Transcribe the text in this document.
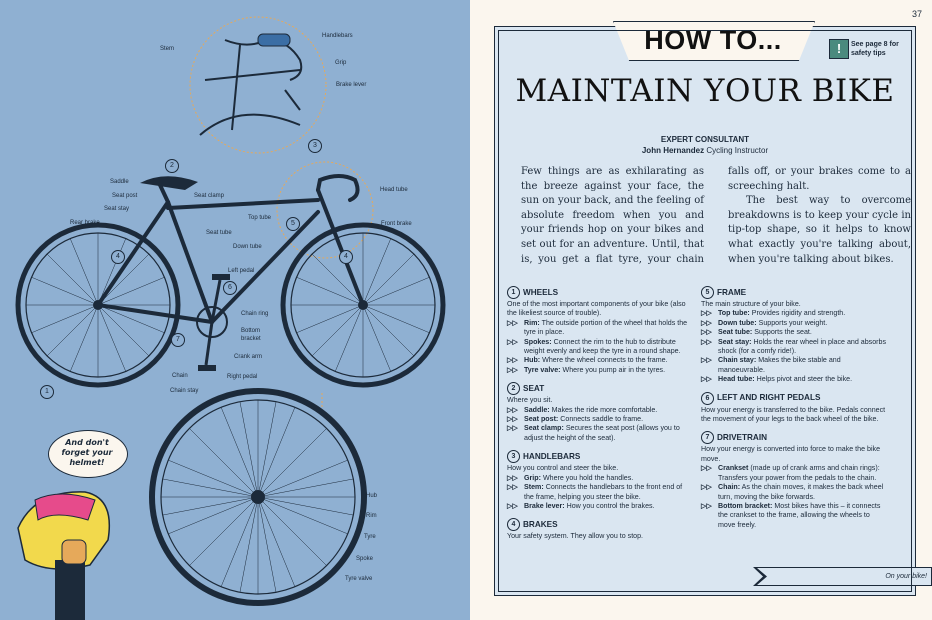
And don't forget your helmet!
Stem
Handlebars
Grip
Brake lever
Saddle
Seat clamp
Seat post
Seat stay
Rear brake
Seat tube
Top tube
Down tube
Head tube
Front brake
Left pedal
Chain ring
Bottom bracket
Crank arm
Chain	Right pedal
Chain stay
Hub
Rim
Tyre
Spoke
Tyre valve
1
2
3
4	4
5
6
7
37
HOW TO...	!	See page 8 for safety tips
MAINTAIN YOUR BIKE
EXPERT CONSULTANT
John Hernandez Cycling Instructor

Few things are as exhilarating as the breeze against your face, the sun on your back, and the feeling of absolute freedom when you and your friends hop on your bikes and set out for an adventure. Until, that is, you get a flat tyre, your chain falls off, or your brakes come to a screeching halt.

The best way to overcome breakdowns is to keep your cycle in tip-top shape, so it helps to know what exactly you're talking about, when you're talking about bikes.

1 WHEELS

One of the most important components of your bike (also the likeliest source of trouble).

▷▷ Rim: The outside portion of the wheel that holds the tyre in place.
▷▷ Spokes: Connect the rim to the hub to distribute weight evenly and keep the tyre in a round shape.
▷▷ Hub: Where the wheel connects to the frame.
▷▷ Tyre valve: Where you pump air in the tyres.
2 SEAT

Where you sit.

▷▷ Saddle: Makes the ride more comfortable.
▷▷ Seat post: Connects saddle to frame.
▷▷ Seat clamp: Secures the seat post (allows you to adjust the height of the seat).
3 HANDLEBARS

How you control and steer the bike.

▷▷ Grip: Where you hold the handles.
▷▷ Stem: Connects the handlebars to the front end of the frame, helping you steer the bike.
▷▷ Brake lever: How you control the brakes.
4 BRAKES

Your safety system. They allow you to stop.

5 FRAME

The main structure of your bike.

▷▷ Top tube: Provides rigidity and strength.
▷▷ Down tube: Supports your weight.
▷▷ Seat tube: Supports the seat.
▷▷ Seat stay: Holds the rear wheel in place and absorbs shock (for a comfy ride!).
▷▷ Chain stay: Makes the bike stable and manoeuvrable.
▷▷ Head tube: Helps pivot and steer the bike.
6 LEFT AND RIGHT PEDALS

How your energy is transferred to the bike. Pedals connect the movement of your legs to the back wheel of the bike.

7 DRIVETRAIN

How your energy is converted into force to make the bike move.

▷▷ Crankset (made up of crank arms and chain rings): Transfers your power from the pedals to the chain.
▷▷ Chain: As the chain moves, it makes the back wheel turn, moving the bike forwards.
▷▷ Bottom bracket: Most bikes have this – it connects the crankset to the frame, allowing the wheels to move freely.
On your bike!
